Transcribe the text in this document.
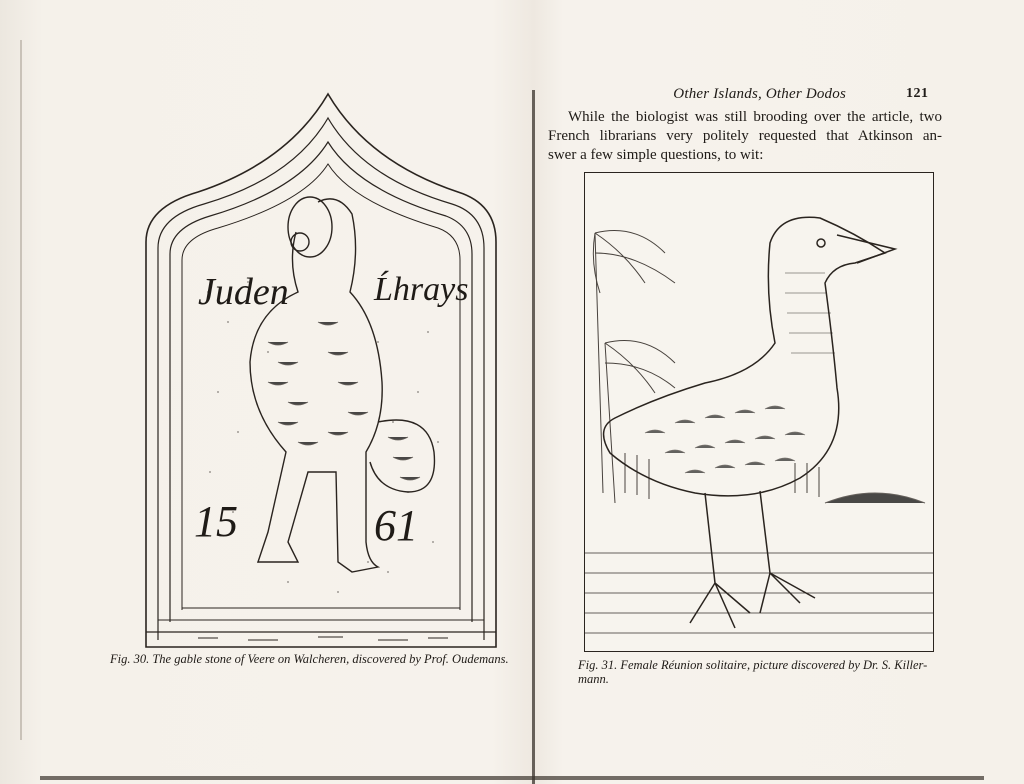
Juden	Ĺhrays
15	61
Fig. 30. The gable stone of Veere on Walcheren, discovered by Prof. Oudemans.
Other Islands, Other Dodos	121
While the biologist was still brooding over the article, two
French librarians very politely requested that Atkinson an-
swer a few simple questions, to wit:
Fig. 31. Female Réunion solitaire, picture discovered by Dr. S. Killer-mann.
